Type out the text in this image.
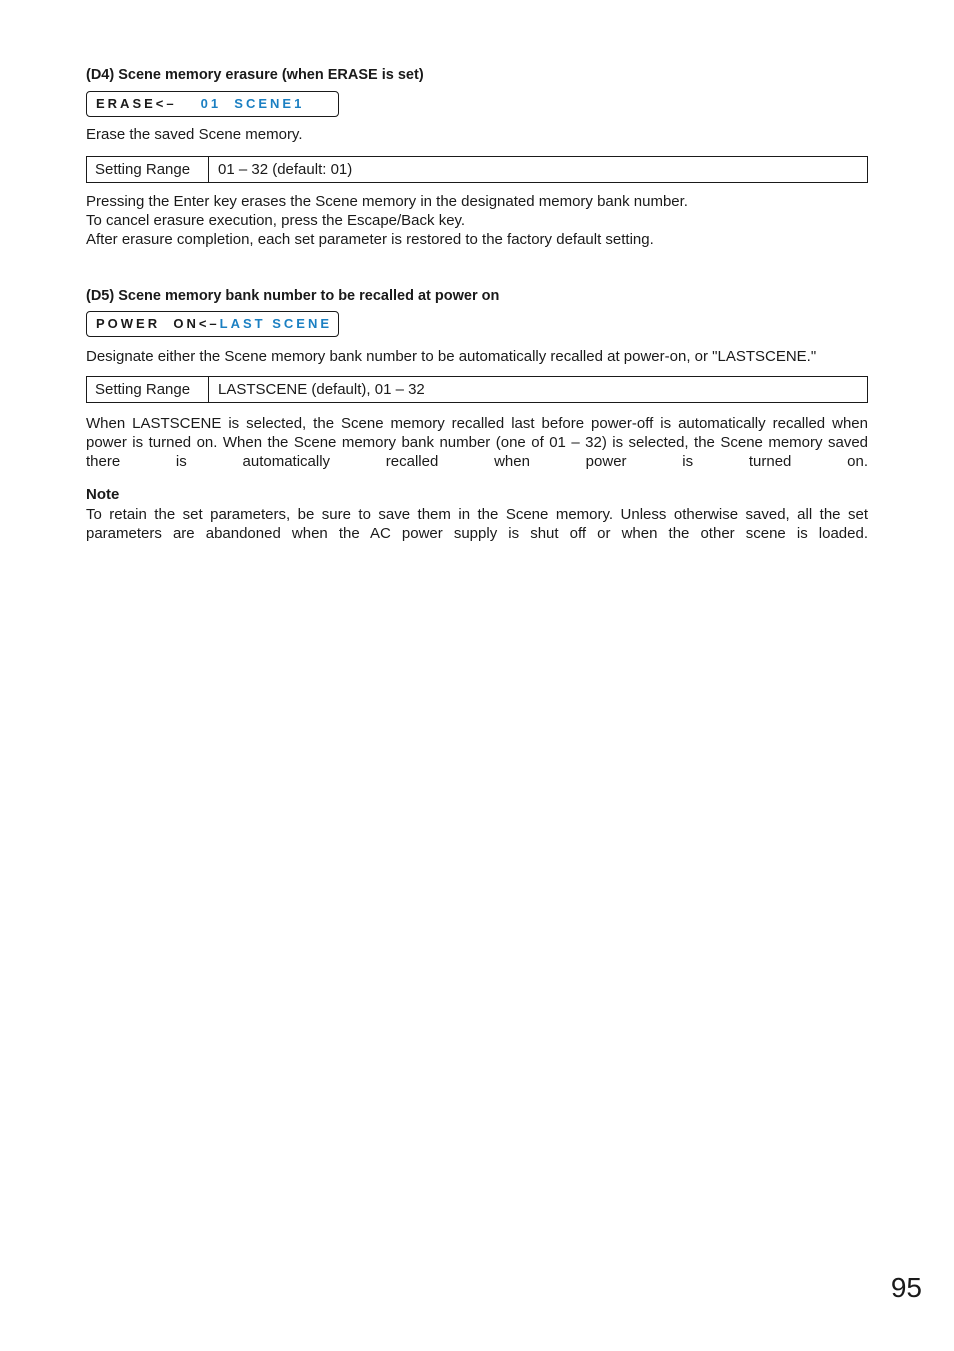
(D4) Scene memory erasure (when ERASE is set)
ERASE<– 01  SCENE1

Erase the saved Scene memory.

Setting Range	01 – 32 (default: 01)

Pressing the Enter key erases the Scene memory in the designated memory bank number.

To cancel erasure execution, press the Escape/Back key.

After erasure completion, each set parameter is restored to the factory default setting.

(D5) Scene memory bank number to be recalled at power on
POWER  ON<–LAST SCENE

Designate either the Scene memory bank number to be automatically recalled at power-on, or "LASTSCENE."

Setting Range	LASTSCENE (default), 01 – 32

When LASTSCENE is selected, the Scene memory recalled last before power-off is automatically recalled when power is turned on. When the Scene memory bank number (one of 01 – 32) is selected, the Scene memory saved there is automatically recalled when power is turned on.

Note

To retain the set parameters, be sure to save them in the Scene memory. Unless otherwise saved, all the set parameters are abandoned when the AC power supply is shut off or when the other scene is loaded.

95
